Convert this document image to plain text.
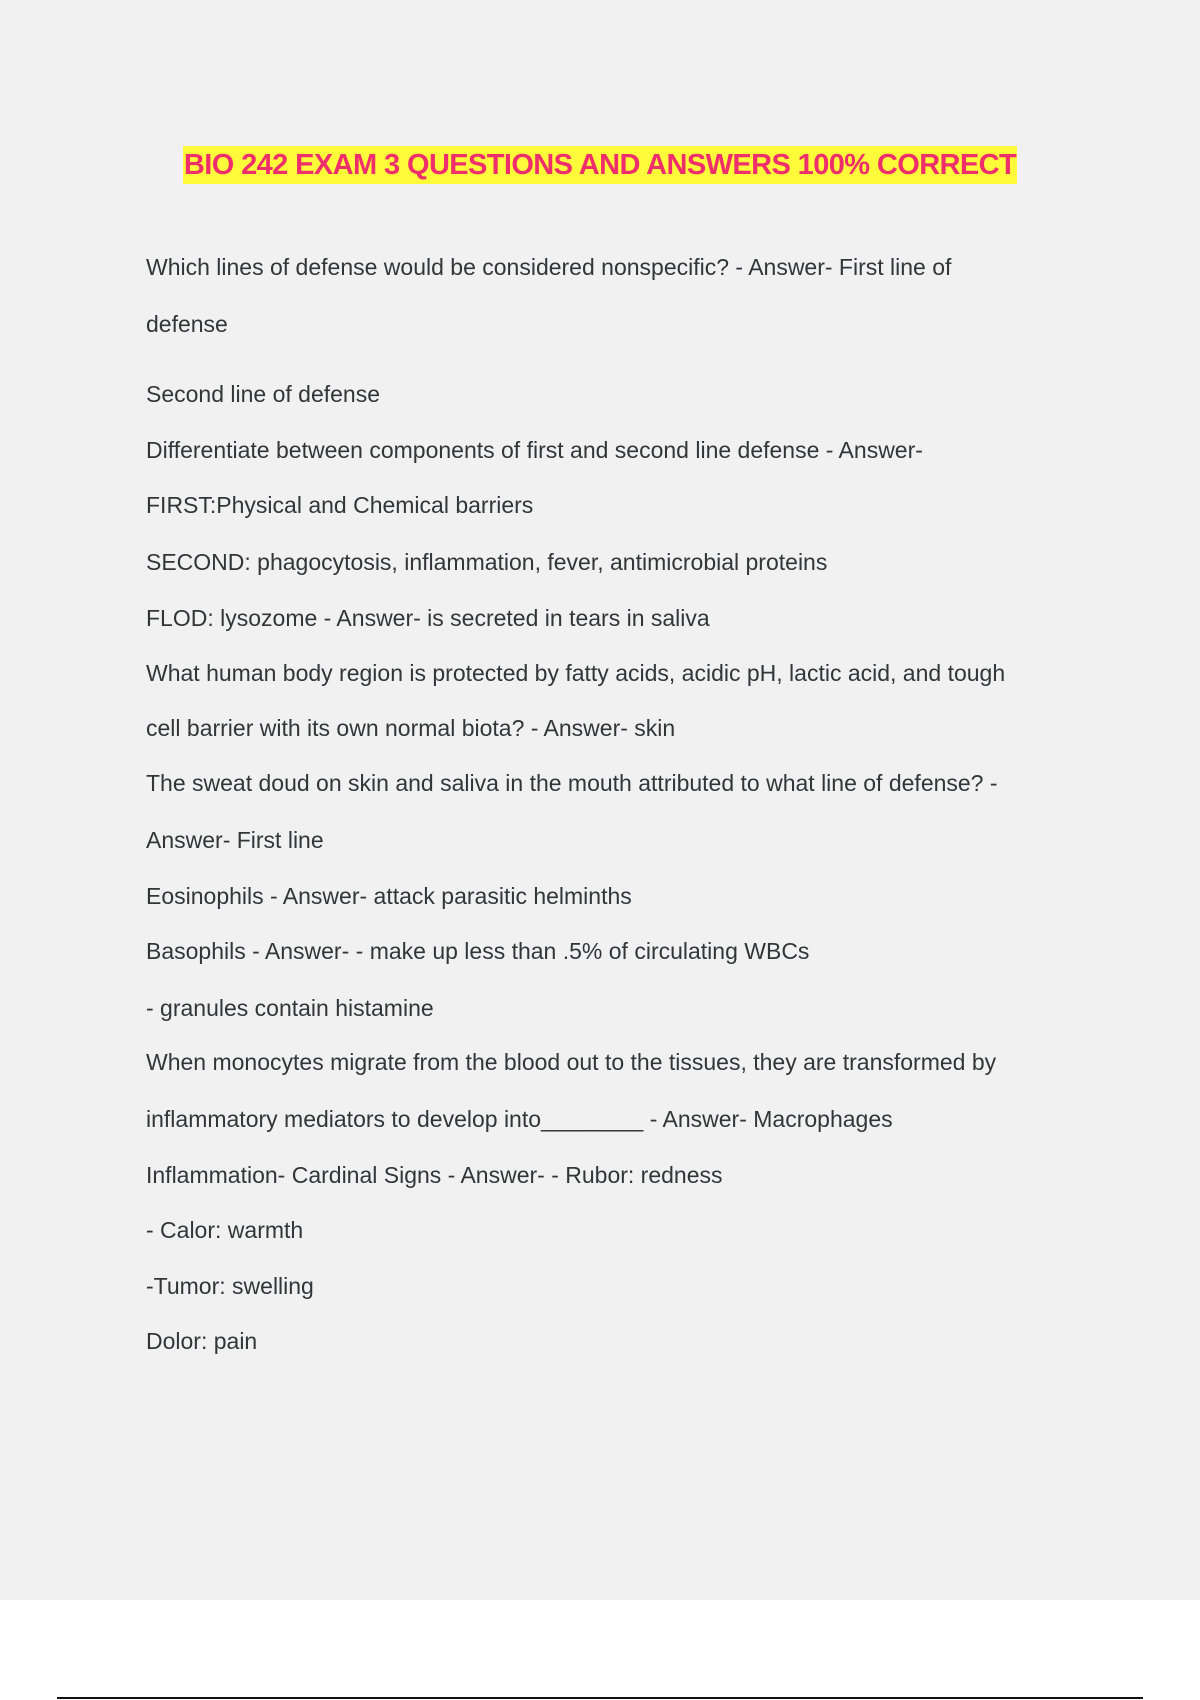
BIO 242 EXAM 3 QUESTIONS AND ANSWERS 100% CORRECT
Which lines of defense would be considered nonspecific? - Answer- First line of
defense
Second line of defense
Differentiate between components of first and second line defense - Answer-
FIRST:Physical and Chemical barriers
SECOND: phagocytosis, inflammation, fever, antimicrobial proteins
FLOD: lysozome - Answer- is secreted in tears in saliva
What human body region is protected by fatty acids, acidic pH, lactic acid, and tough
cell barrier with its own normal biota? - Answer- skin
The sweat doud on skin and saliva in the mouth attributed to what line of defense? -
Answer- First line
Eosinophils - Answer- attack parasitic helminths
Basophils - Answer- - make up less than .5% of circulating WBCs
- granules contain histamine
When monocytes migrate from the blood out to the tissues, they are transformed by
inflammatory mediators to develop into________ - Answer- Macrophages
Inflammation- Cardinal Signs - Answer- - Rubor: redness
- Calor: warmth
-Tumor: swelling
Dolor: pain
